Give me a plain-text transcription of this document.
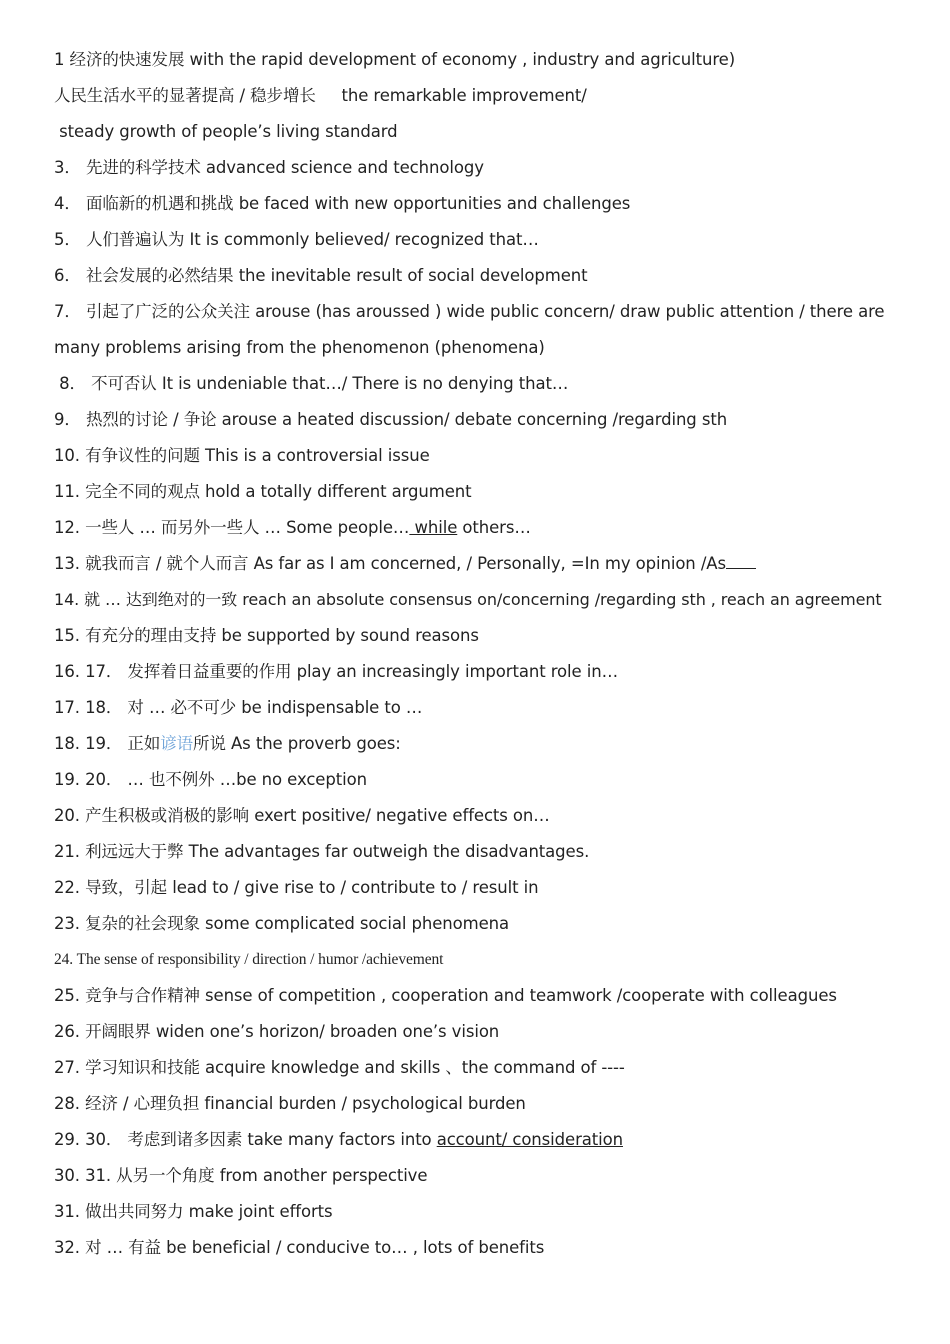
1 经济的快速发展 with the rapid development of economy , industry and agriculture)
人民生活水平的显著提高 / 稳步增长     the remarkable improvement/
steady growth of people’s living standard
3． 先进的科学技术 advanced science and technology
4． 面临新的机遇和挑战 be faced with new opportunities and challenges
5． 人们普遍认为 It is commonly believed/ recognized that…
6． 社会发展的必然结果 the inevitable result of social development
7． 引起了广泛的公众关注 arouse (has aroussed ) wide public concern/ draw public attention / there are many problems arising from the phenomenon (phenomena)
8． 不可否认 It is undeniable that…/ There is no denying that…
9． 热烈的讨论 / 争论 arouse a heated discussion/ debate concerning /regarding sth
10. 有争议性的问题 This is a controversial issue
11. 完全不同的观点 hold a totally different argument
12. 一些人 … 而另外一些人 … Some people… while others…
13. 就我而言 / 就个人而言 As far as I am concerned, / Personally, =In my opinion /As
14. 就 … 达到绝对的一致 reach an absolute consensus on/concerning /regarding sth , reach an agreement
15. 有充分的理由支持 be supported by sound reasons
16. 17． 发挥着日益重要的作用 play an increasingly important role in…
17. 18． 对 … 必不可少 be indispensable to …
18. 19． 正如谚语所说 As the proverb goes:
19. 20． … 也不例外 …be no exception
20. 产生积极或消极的影响 exert positive/ negative effects on…
21. 利远远大于弊 The advantages far outweigh the disadvantages.
22. 导致，引起 lead to / give rise to / contribute to / result in
23. 复杂的社会现象 some complicated social phenomena
24. The sense of responsibility / direction / humor /achievement
25. 竞争与合作精神 sense of competition , cooperation and teamwork /cooperate with colleagues
26. 开阔眼界 widen one’s horizon/ broaden one’s vision
27. 学习知识和技能 acquire knowledge and skills 、the command of ----
28. 经济 / 心理负担 financial burden / psychological burden
29. 30． 考虑到诸多因素 take many factors into account/ consideration
30. 31. 从另一个角度 from another perspective
31. 做出共同努力 make joint efforts
32. 对 … 有益 be beneficial / conducive to… , lots of benefits
